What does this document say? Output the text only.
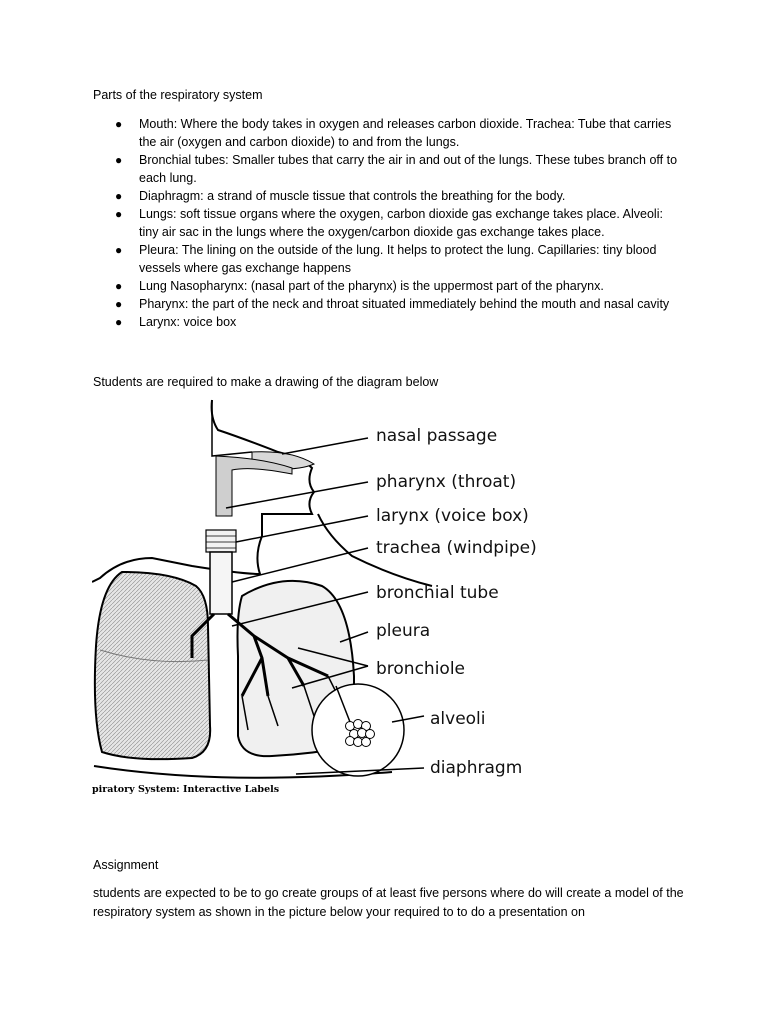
Parts of the respiratory system
● Mouth: Where the body takes in oxygen and releases carbon dioxide. Trachea: Tube that carries the air (oxygen and carbon dioxide) to and from the lungs.
● Bronchial tubes: Smaller tubes that carry the air in and out of the lungs. These tubes branch off to each lung.
● Diaphragm: a strand of muscle tissue that controls the breathing for the body.
● Lungs: soft tissue organs where the oxygen, carbon dioxide gas exchange takes place. Alveoli: tiny air sac in the lungs where the oxygen/carbon dioxide gas exchange takes place.
● Pleura: The lining on the outside of the lung. It helps to protect the lung. Capillaries: tiny blood vessels where gas exchange happens
● Lung Nasopharynx: (nasal part of the pharynx) is the uppermost part of the pharynx.
● Pharynx: the part of the neck and throat situated immediately behind the mouth and nasal cavity
● Larynx: voice box
Students are required to make a drawing of the diagram below
nasal passage
pharynx (throat)
larynx (voice box)
trachea (windpipe)
bronchial tube
pleura
bronchiole
alveoli
diaphragm
piratory System: Interactive Labels
Assignment
students are expected to be to go create groups of at least five persons where do will create a model of the respiratory system as shown in the picture below your required to to do a presentation on
